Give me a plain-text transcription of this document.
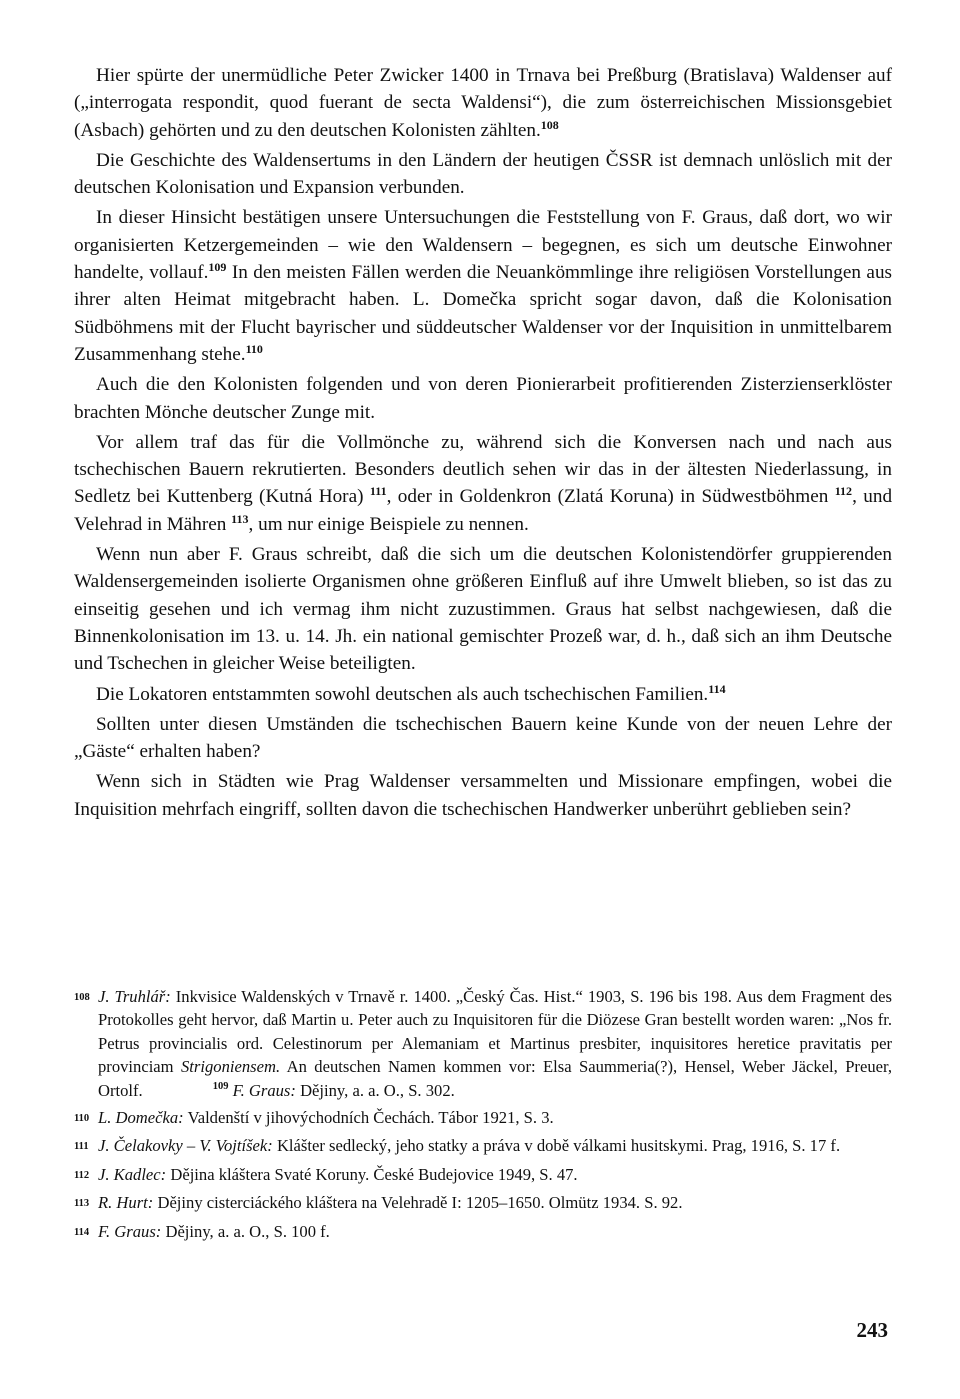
Hier spürte der unermüdliche Peter Zwicker 1400 in Trnava bei Preßburg (Bratislava) Waldenser auf („interrogata respondit, quod fuerant de secta Waldensi“), die zum österreichischen Missionsgebiet (Asbach) gehörten und zu den deutschen Kolonisten zählten.$^{108}$

Die Geschichte des Waldensertums in den Ländern der heutigen ČSSR ist demnach unlöslich mit der deutschen Kolonisation und Expansion verbunden.

In dieser Hinsicht bestätigen unsere Untersuchungen die Feststellung von F. Graus, daß dort, wo wir organisierten Ketzergemeinden – wie den Waldensern – begegnen, es sich um deutsche Einwohner handelte, vollauf.$^{109}$ In den meisten Fällen werden die Neuankömmlinge ihre religiösen Vorstellungen aus ihrer alten Heimat mitgebracht haben. L. Domečka spricht sogar davon, daß die Kolonisation Südböhmens mit der Flucht bayrischer und süddeutscher Waldenser vor der Inquisition in unmittelbarem Zusammenhang stehe.$^{110}$

Auch die den Kolonisten folgenden und von deren Pionierarbeit profitierenden Zisterzienserklöster brachten Mönche deutscher Zunge mit.

Vor allem traf das für die Vollmönche zu, während sich die Konversen nach und nach aus tschechischen Bauern rekrutierten. Besonders deutlich sehen wir das in der ältesten Niederlassung, in Sedletz bei Kuttenberg (Kutná Hora) $^{111}$, oder in Goldenkron (Zlatá Koruna) in Südwestböhmen $^{112}$, und Velehrad in Mähren $^{113}$, um nur einige Beispiele zu nennen.

Wenn nun aber F. Graus schreibt, daß die sich um die deutschen Kolonistendörfer gruppierenden Waldensergemeinden isolierte Organismen ohne größeren Einfluß auf ihre Umwelt blieben, so ist das zu einseitig gesehen und ich vermag ihm nicht zuzustimmen. Graus hat selbst nachgewiesen, daß die Binnenkolonisation im 13. u. 14. Jh. ein national gemischter Prozeß war, d. h., daß sich an ihm Deutsche und Tschechen in gleicher Weise beteiligten.

Die Lokatoren entstammten sowohl deutschen als auch tschechischen Familien.$^{114}$

Sollten unter diesen Umständen die tschechischen Bauern keine Kunde von der neuen Lehre der „Gäste“ erhalten haben?

Wenn sich in Städten wie Prag Waldenser versammelten und Missionare empfingen, wobei die Inquisition mehrfach eingriff, sollten davon die tschechischen Handwerker unberührt geblieben sein?

108 J. Truhlář: Inkvisice Waldenských v Trnavě r. 1400. „Český Čas. Hist.“ 1903, S. 196 bis 198. Aus dem Fragment des Protokolles geht hervor, daß Martin u. Peter auch zu Inquisitoren für die Diözese Gran bestellt worden waren: „Nos fr. Petrus provincialis ord. Celestinorum per Alemaniam et Martinus presbiter, inquisitores heretice pravitatis per provinciam Strigoniensem. An deutschen Namen kommen vor: Elsa Saummeria(?), Hensel, Weber Jäckel, Preuer, Ortolf.	$^{109}$ F. Graus: Dějiny, a. a. O., S. 302.
110 L. Domečka: Valdenští v jihovýchodních Čechách. Tábor 1921, S. 3.
111 J. Čelakovky – V. Vojtíšek: Klášter sedlecký, jeho statky a práva v době válkami husitskymi. Prag, 1916, S. 17 f.
112 J. Kadlec: Dějina kláštera Svaté Koruny. České Budejovice 1949, S. 47.
113 R. Hurt: Dějiny cisterciáckého kláštera na Velehradě I: 1205–1650. Olmütz 1934. S. 92.
114 F. Graus: Dějiny, a. a. O., S. 100 f.
243
